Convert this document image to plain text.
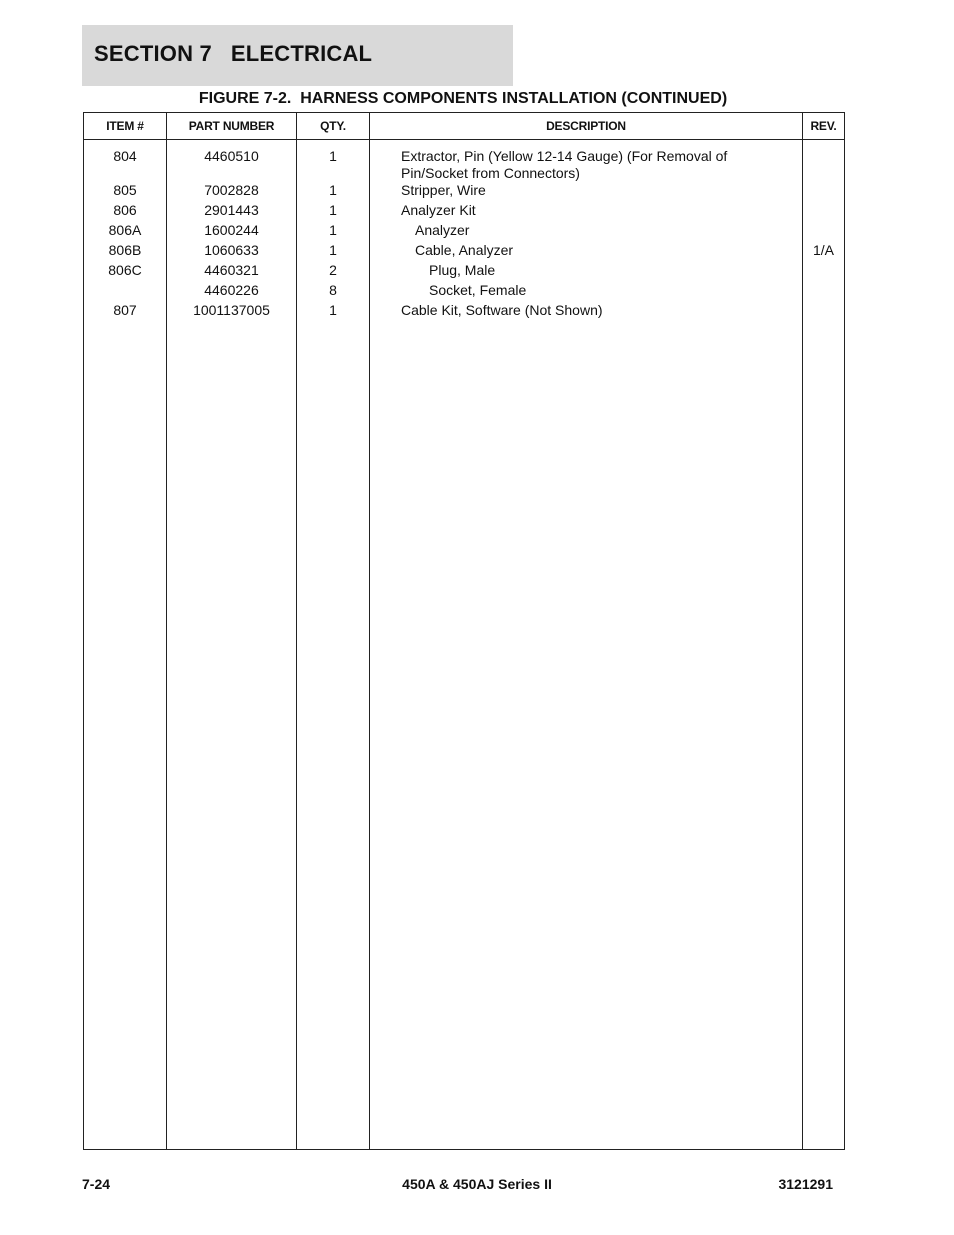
SECTION 7   ELECTRICAL
FIGURE 7-2.  HARNESS COMPONENTS INSTALLATION (CONTINUED)
ITEM #	PART NUMBER	QTY.	DESCRIPTION	REV.

804	4460510	1	Extractor, Pin (Yellow 12-14 Gauge) (For Removal of Pin/Socket from Connectors)	
805	7002828	1	Stripper, Wire	
806	2901443	1	Analyzer Kit	
806A	1600244	1	Analyzer	
806B	1060633	1	Cable, Analyzer	1/A
806C	4460321	2	Plug, Male	
	4460226	8	Socket, Female	
807	1001137005	1	Cable Kit, Software (Not Shown)	

7-24	450A & 450AJ Series II	3121291
